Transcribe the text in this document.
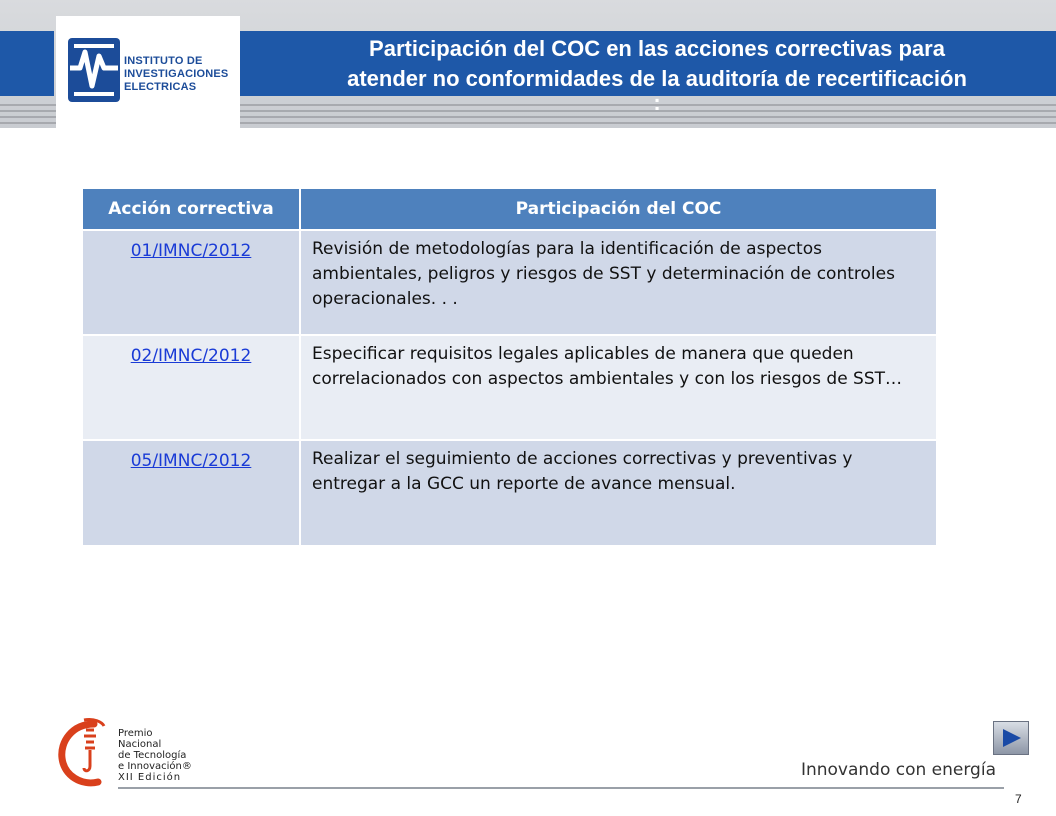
INSTITUTO DE
INVESTIGACIONES
ELECTRICAS
Participación del COC en las acciones correctivas para
atender no conformidades de la auditoría de recertificación
:
Acción correctiva	Participación del COC
01/IMNC/2012	Revisión de metodologías para la identificación de aspectos ambientales, peligros y riesgos de SST y determinación de controles operacionales. . .
02/IMNC/2012	Especificar requisitos legales aplicables de manera que queden correlacionados con aspectos ambientales y con los riesgos de SST…
05/IMNC/2012	Realizar el seguimiento de acciones correctivas y preventivas y entregar a la GCC un reporte de avance mensual.
Premio
Nacional
de Tecnología
e Innovación®
XII Edición	Innovando con energía
7
